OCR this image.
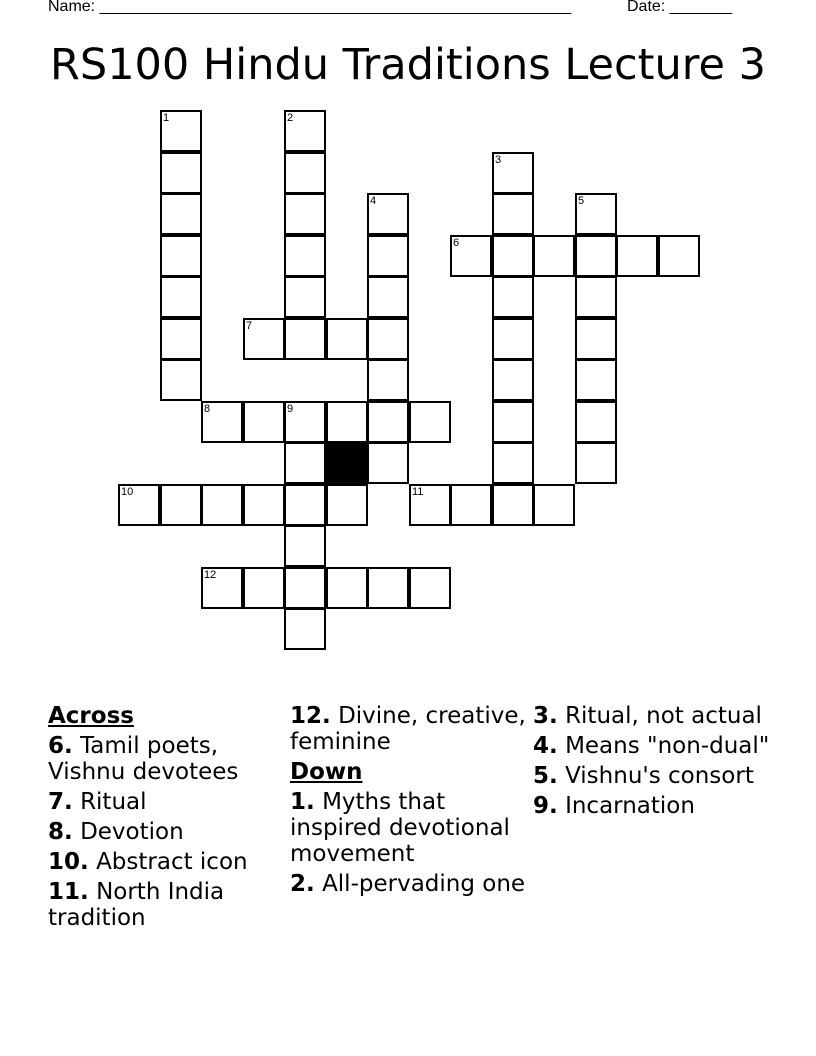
Name: _____________________________________________________	Date: _______
RS100 Hindu Traditions Lecture 3
1	2
3
4	5
6
7
8	9
10	11
12
Across
6. Tamil poets, Vishnu devotees
7. Ritual
8. Devotion
10. Abstract icon
11. North India tradition
12. Divine, creative, feminine
Down
1. Myths that inspired devotional movement
2. All-pervading one
3. Ritual, not actual
4. Means "non-dual"
5. Vishnu's consort
9. Incarnation
